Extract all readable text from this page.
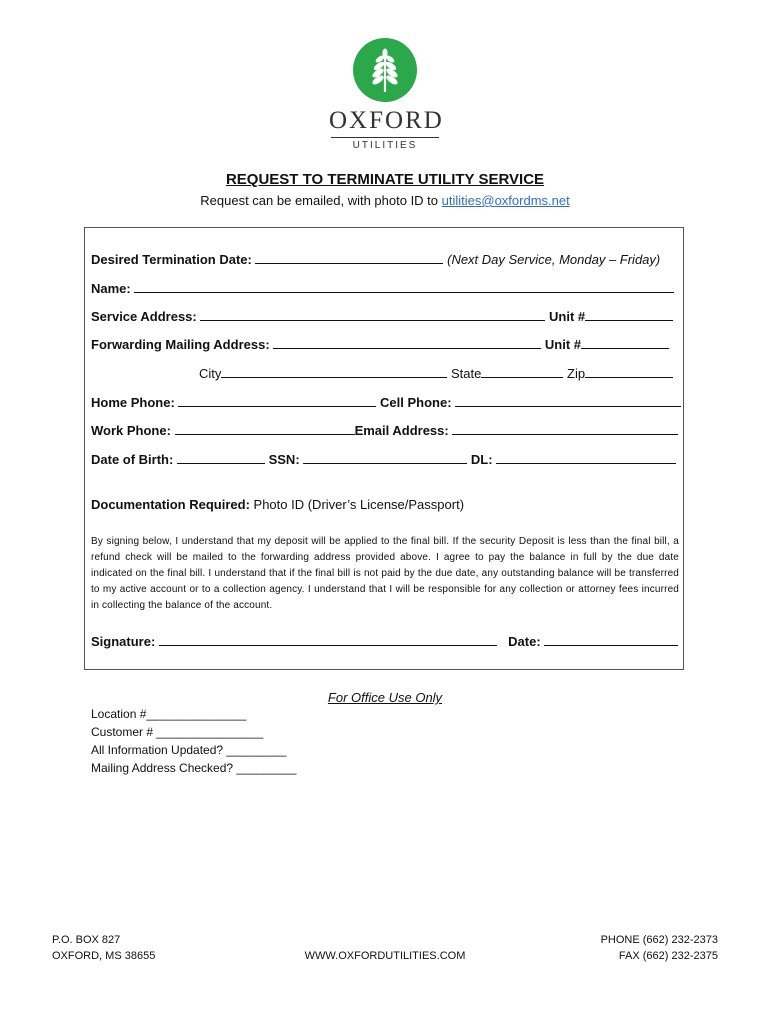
OXFORD
UTILITIES
REQUEST TO TERMINATE UTILITY SERVICE
Request can be emailed, with photo ID to utilities@oxfordms.net
Desired Termination Date:	(Next Day Service, Monday – Friday)
Name:
Service Address:	Unit #
Forwarding Mailing Address:	Unit #
City	State	Zip
Home Phone:	Cell Phone:
Work Phone:	Email Address:
Date of Birth:	SSN:	DL:
Documentation Required: Photo ID (Driver’s License/Passport)
By signing below, I understand that my deposit will be applied to the final bill. If the security Deposit is less than the final bill, a refund check will be mailed to the forwarding address provided above. I agree to pay the balance in full by the due date indicated on the final bill. I understand that if the final bill is not paid by the due date, any outstanding balance will be transferred to my active account or to a collection agency. I understand that I will be responsible for any collection or attorney fees incurred in collecting the balance of the account.
Signature:	Date:
For Office Use Only
Location #_______________
Customer # ________________
All Information Updated? _________
Mailing Address Checked? _________
P.O. BOX 827
OXFORD, MS 38655	WWW.OXFORDUTILITIES.COM
PHONE (662) 232-2373
FAX (662) 232-2375
